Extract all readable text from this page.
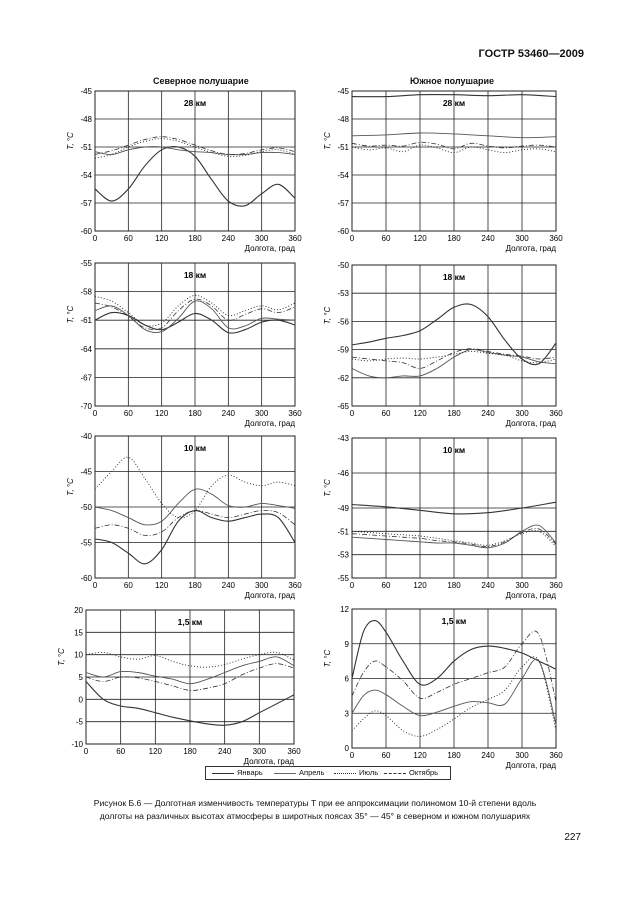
ГОСТР 53460—2009
Северное полушарие	Южное полушарие
0	60	120 180 240 300 360
-45
-48
-51
-54
-57
-60
Долгота, град
T, °C
28 км
0	60	120	180	240	300	360
-45
-48
-51
-54
-57
-60
Долгота, град
T, °C
28 км
0	60	120 180 240 300 360
-55
-58
-61
-64
-67
-70
Долгота, град
T, °C
18 км
0	60	120	180	240	300	360
-50
-53
-56
-59
-62
-65
Долгота, град
T, °C
18 км
0	60	120 180 240 300 360
-40
-45
-50
-55
-60
Долгота, град
T, °C
10 км
0	60	120	180	240	300	360
-43
-46
-49
-51
-53
-55
Долгота, град
T, °C
10 км
0	60	120	180	240	300	360
20
15
10
5
0
-5
-10
Долгота, град
T, °C
1,5 км
0	60	120	180	240	300	360
12
9
6
3
0
Долгота, град
T, °C
1,5 км
Январь	Апрель	Июль	Октябрь
Рисунок Б.6 — Долготная изменчивость температуры T при ее аппроксимации полиномом 10-й степени вдоль
долготы на различных высотах атмосферы в широтных поясах 35° — 45° в северном и южном полушариях
227
